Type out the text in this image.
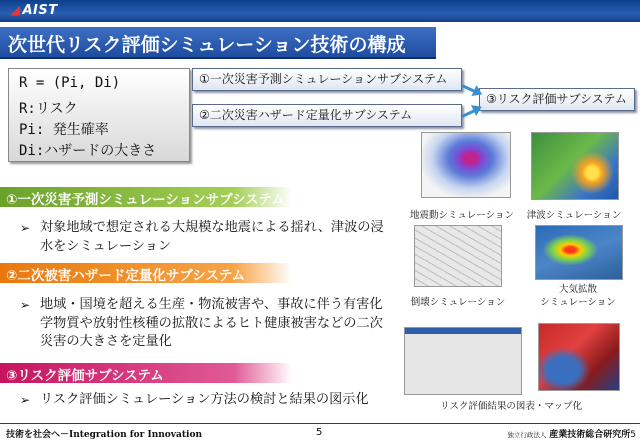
◢ AIST
次世代リスク評価シミュレーション技術の構成
R = (Pi, Di)
R:リスク
Pi: 発生確率
Di:ハザードの大きさ
①一次災害予測シミュレーションサブシステム
②二次災害ハザード定量化サブシステム
③リスク評価サブシステム
①一次災害予測シミュレーションサブシステム
➢ 対象地域で想定される大規模な地震による揺れ、津波の浸水をシミュレーション
②二次被害ハザード定量化サブシステム
➢ 地域・国境を超える生産・物流被害や、事故に伴う有害化学物質や放射性核種の拡散によるヒト健康被害などの二次災害の大きさを定量化
③リスク評価サブシステム
➢ リスク評価シミュレーション方法の検討と結果の図示化
地震動シミュレーション	津波シミュレーション
倒壊シミュレーション
大気拡散
シミュレーション
リスク評価結果の図表・マップ化
技術を社会へ－Integration for Innovation	5	独立行政法人 産業技術総合研究所5
